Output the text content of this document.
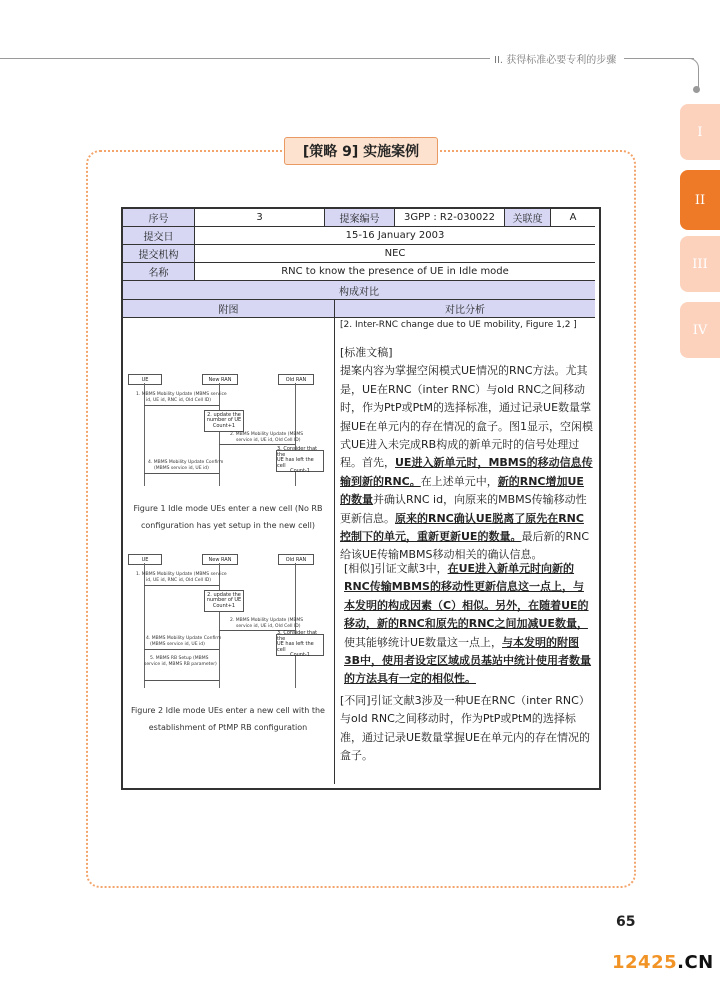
II. 获得标准必要专利的步骤
I
II
III
IV
[策略 9] 实施案例
序号	3	提案编号	3GPP : R2-030022	关联度	A
提交日	15-16 January 2003
提交机构	NEC
名称	RNC to know the presence of UE in Idle mode
构成对比
附图	对比分析
UE	New RAN	Old RAN
1. MBMS Mobility Update (MBMS service
id, UE id, RNC id, Old Cell ID)
2. update the
number of UE
Count+1
2. MBMS Mobility Update (MBMS
service id, UE id, Old Cell ID)
3. Consider that the
UE has left the cell
Count-1
4. MBMS Mobility Update Confirm
(MBMS service id, UE id)
Figure 1 Idle mode UEs enter a new cell (No RB
configuration has yet setup in the new cell)
UE	New RAN	Old RAN
1. MBMS Mobility Update (MBMS service
id, UE id, RNC id, Old Cell ID)
2. update the
number of UE
Count+1
2. MBMS Mobility Update (MBMS
service id, UE id, Old Cell ID)
3. Consider that the
UE has left the cell
Count-1
4. MBMS Mobility Update Confirm
(MBMS service id, UE id)
5. MBMS RB Setup (MBMS
service id, MBMS RB parameter)
Figure 2 Idle mode UEs enter a new cell with the
establishment of PtMP RB configuration
[2. Inter-RNC change due to UE mobility, Figure 1,2 ]

[标准文稿]

提案内容为掌握空闲模式UE情况的RNC方法。尤其是，UE在RNC（inter RNC）与old RNC之间移动时，作为PtP或PtM的选择标准，通过记录UE数量掌握UE在单元内的存在情况的盒子。图1显示，空闲模式UE进入未完成RB构成的新单元时的信号处理过程。首先，UE进入新单元时，MBMS的移动信息传输到新的RNC。在上述单元中，新的RNC增加UE的数量并确认RNC id，向原来的MBMS传输移动性更新信息。原来的RNC确认UE脱离了原先在RNC控制下的单元，重新更新UE的数量。最后新的RNC给该UE传输MBMS移动相关的确认信息。

[相似]引证文献3中，在UE进入新单元时向新的RNC传输MBMS的移动性更新信息这一点上，与本发明的构成因素（C）相似。另外，在随着UE的移动，新的RNC和原先的RNC之间加减UE数量，使其能够统计UE数量这一点上，与本发明的附图3B中，使用者设定区域成员基站中统计使用者数量的方法具有一定的相似性。

[不同]引证文献3涉及一种UE在RNC（inter RNC）与old RNC之间移动时，作为PtP或PtM的选择标准，通过记录UE数量掌握UE在单元内的存在情况的盒子。

65
12425.CN
